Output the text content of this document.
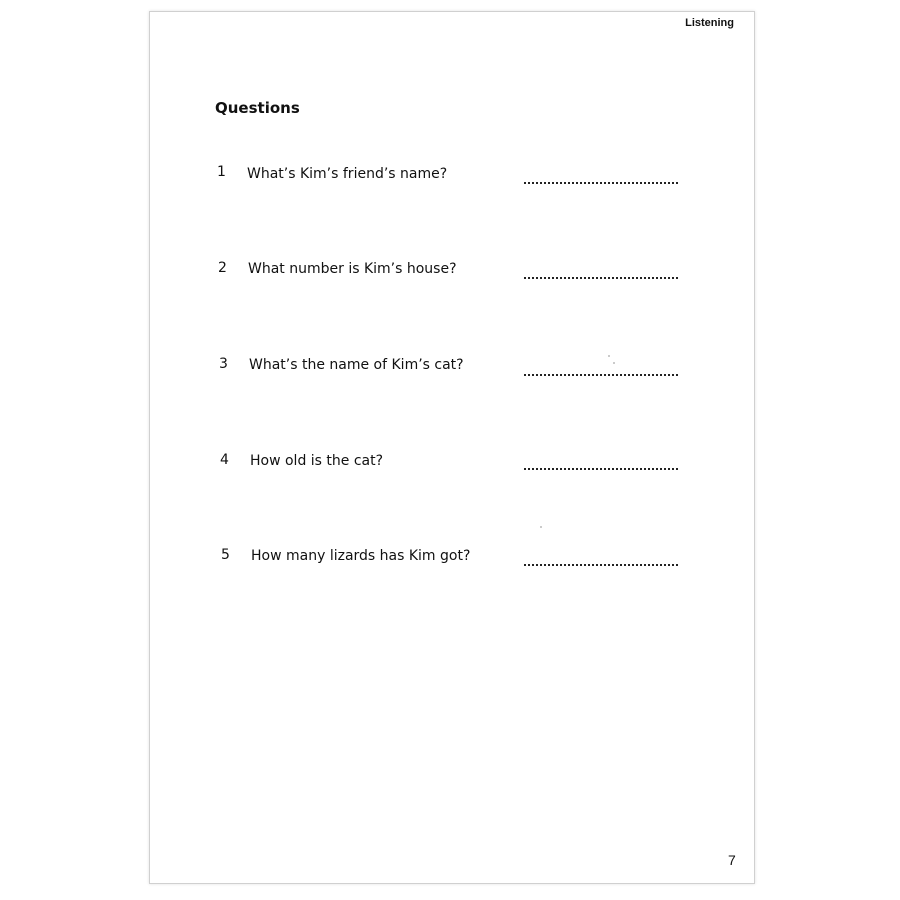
Listening
Questions
1 What’s Kim’s friend’s name?
2 What number is Kim’s house?
3 What’s the name of Kim’s cat?
4 How old is the cat?
5 How many lizards has Kim got?
7
